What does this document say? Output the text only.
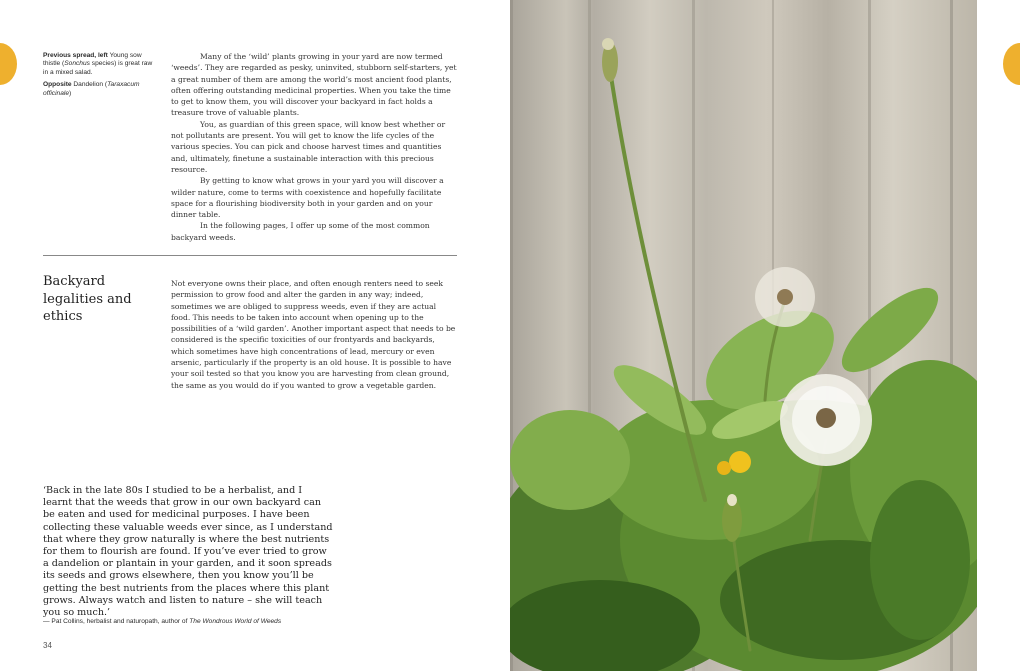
Previous spread, left Young sow thistle (Sonchus species) is great raw in a mixed salad.

Opposite Dandelion (Taraxacum officinale)

Many of the ‘wild’ plants growing in your yard are now termed ‘weeds’. They are regarded as pesky, uninvited, stubborn self-starters, yet a great number of them are among the world’s most ancient food plants, often offering outstanding medicinal properties. When you take the time to get to know them, you will discover your backyard in fact holds a treasure trove of valuable plants.

You, as guardian of this green space, will know best whether or not pollutants are present. You will get to know the life cycles of the various species. You can pick and choose harvest times and quantities and, ultimately, finetune a sustainable interaction with this precious resource.

By getting to know what grows in your yard you will discover a wilder nature, come to terms with coexistence and hopefully facilitate space for a flourishing biodiversity both in your garden and on your dinner table.

In the following pages, I offer up some of the most common backyard weeds.

Backyard legalities and ethics

Not everyone owns their place, and often enough renters need to seek permission to grow food and alter the garden in any way; indeed, sometimes we are obliged to suppress weeds, even if they are actual food. This needs to be taken into account when opening up to the possibilities of a ‘wild garden’. Another important aspect that needs to be considered is the specific toxicities of our frontyards and backyards, which sometimes have high concentrations of lead, mercury or even arsenic, particularly if the property is an old house. It is possible to have your soil tested so that you know you are harvesting from clean ground, the same as you would do if you wanted to grow a vegetable garden.

‘Back in the late 80s I studied to be a herbalist, and I learnt that the weeds that grow in our own backyard can be eaten and used for medicinal purposes. I have been collecting these valuable weeds ever since, as I understand that where they grow naturally is where the best nutrients for them to flourish are found. If you’ve ever tried to grow a dandelion or plantain in your garden, and it soon spreads its seeds and grows elsewhere, then you know you’ll be getting the best nutrients from the places where this plant grows. Always watch and listen to nature – she will teach you so much.’

— Pat Collins, herbalist and naturopath, author of The Wondrous World of Weeds
34
